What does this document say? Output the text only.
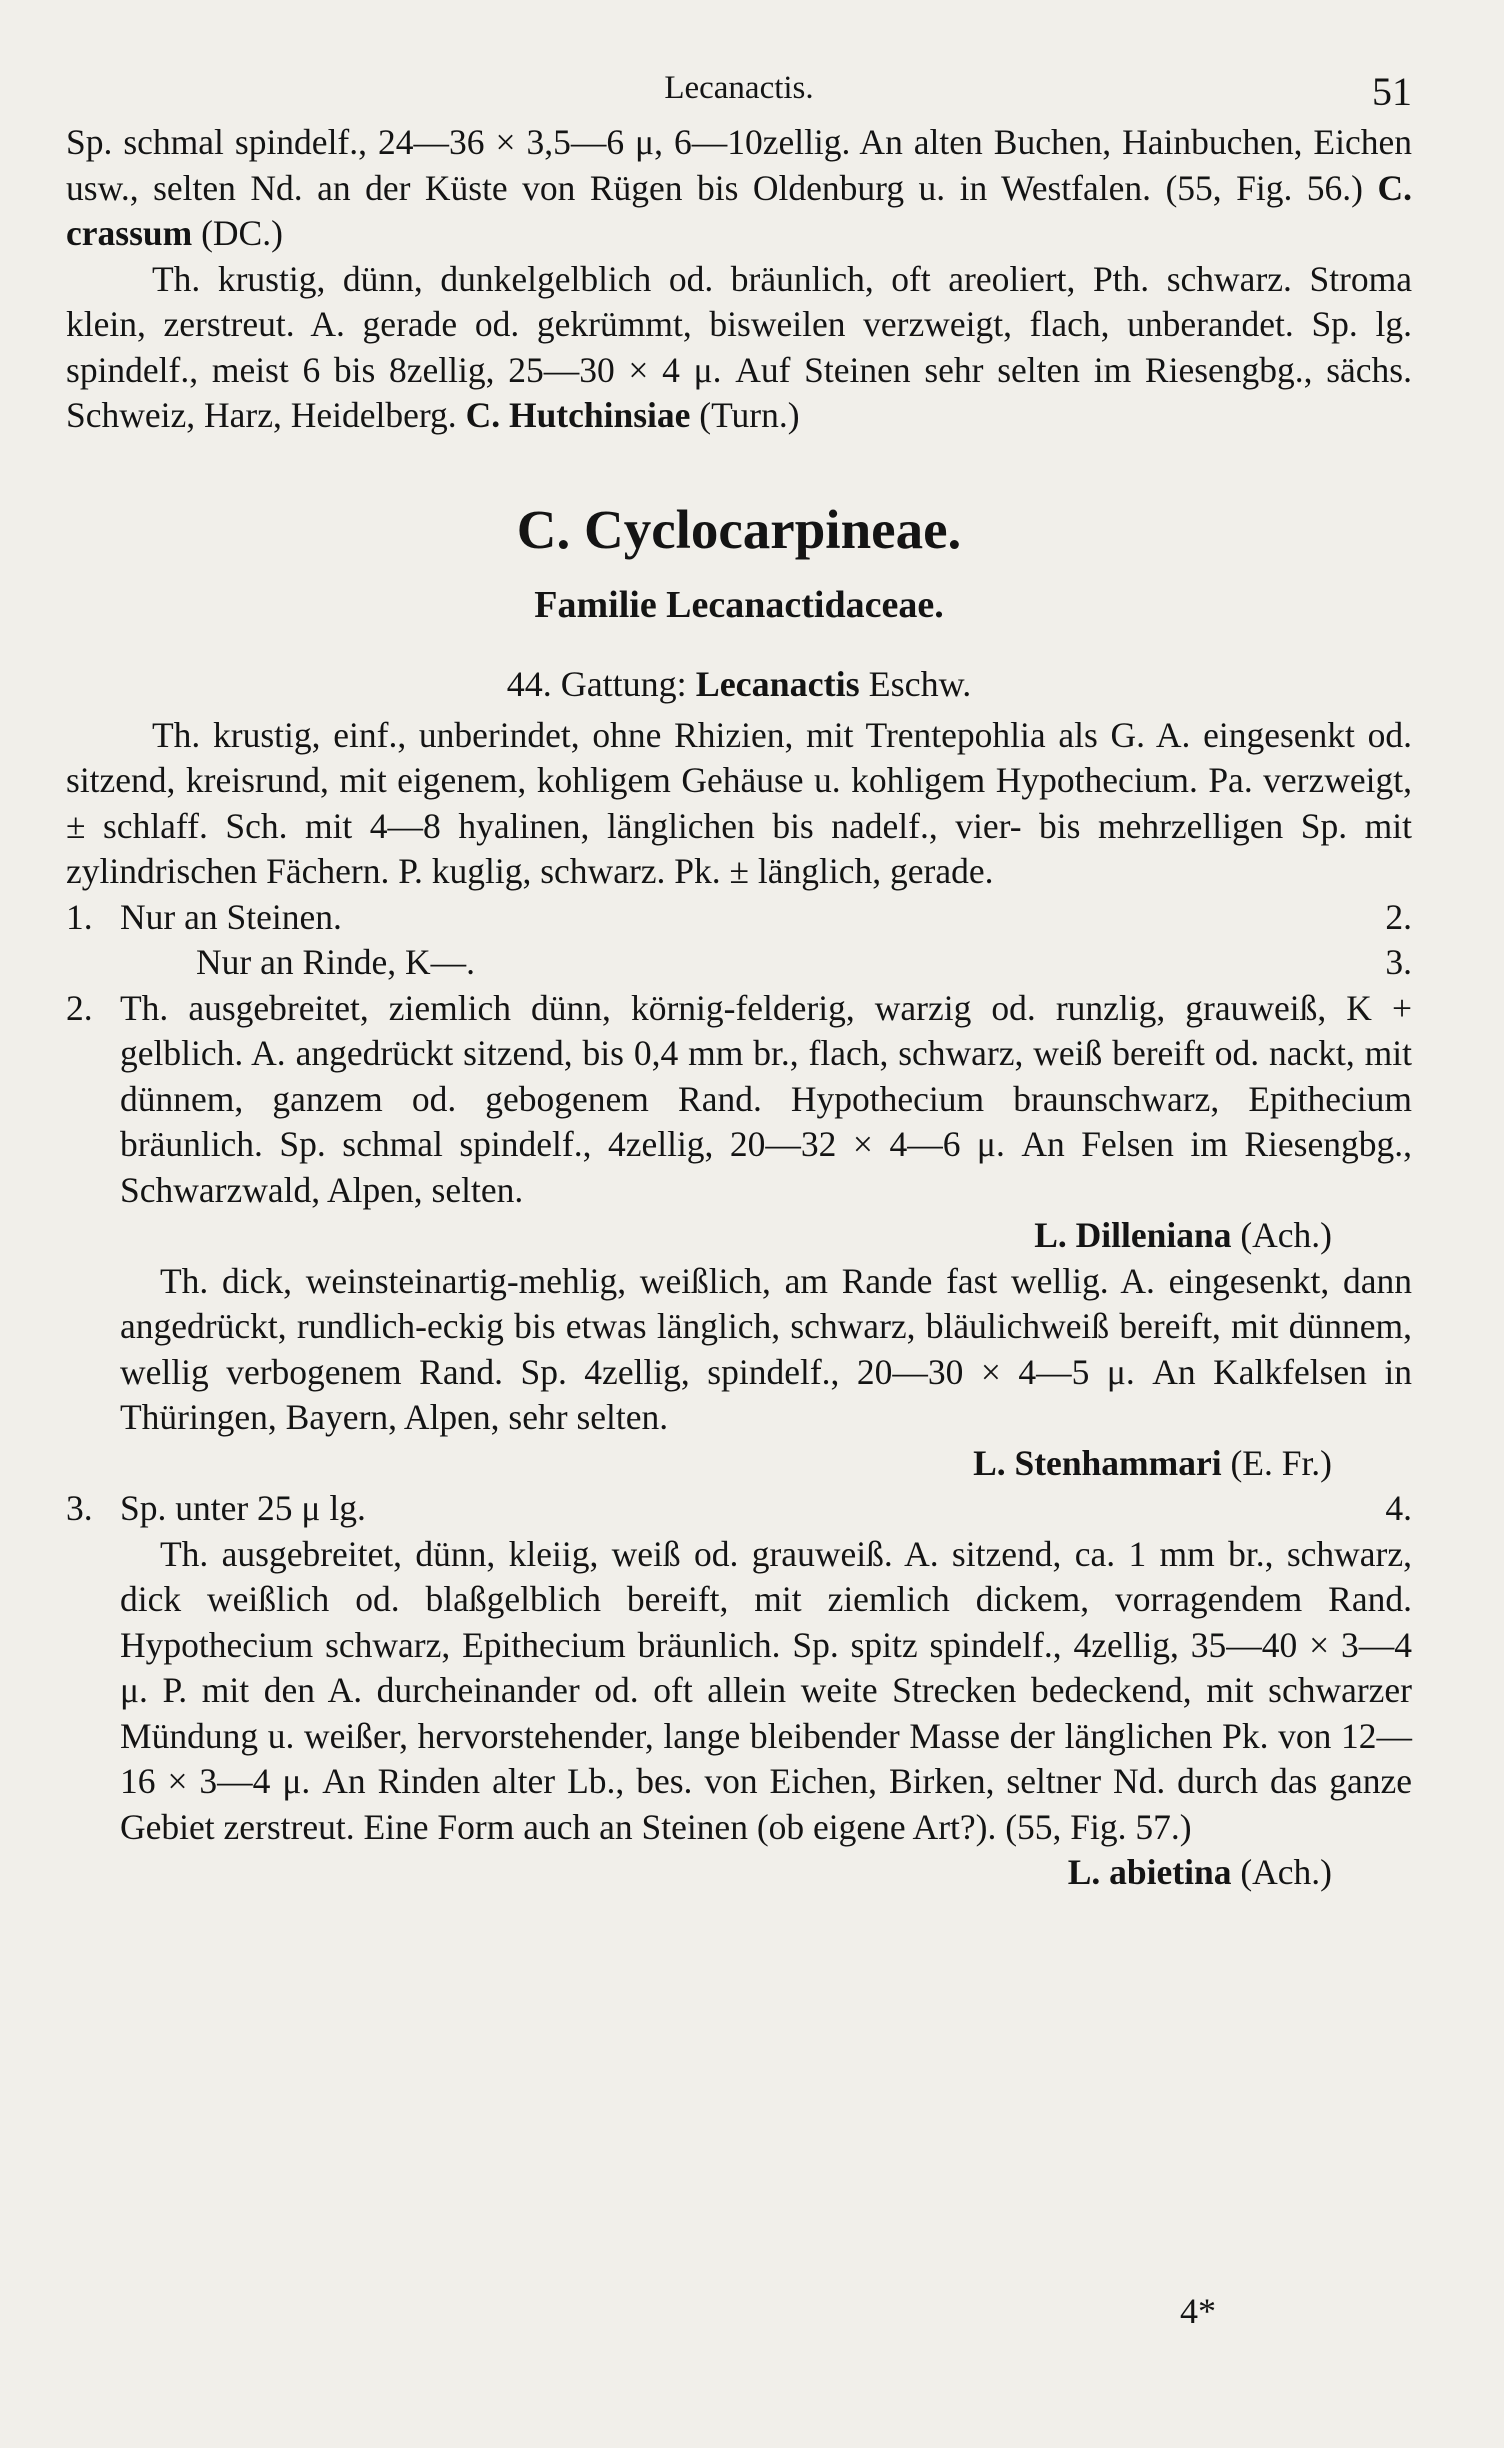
Lecanactis.	51

Sp. schmal spindelf., 24—36 × 3,5—6 μ, 6—10zellig. An alten Buchen, Hainbuchen, Eichen usw., selten Nd. an der Küste von Rügen bis Oldenburg u. in Westfalen. (55, Fig. 56.) C. crassum (DC.)

Th. krustig, dünn, dunkelgelblich od. bräunlich, oft areoliert, Pth. schwarz. Stroma klein, zerstreut. A. gerade od. gekrümmt, bisweilen verzweigt, flach, unberandet. Sp. lg. spindelf., meist 6 bis 8zellig, 25—30 × 4 μ. Auf Steinen sehr selten im Riesengbg., sächs. Schweiz, Harz, Heidelberg. C. Hutchinsiae (Turn.)

C. Cyclocarpineae.
Familie Lecanactidaceae.
44. Gattung: Lecanactis Eschw.

Th. krustig, einf., unberindet, ohne Rhizien, mit Trentepohlia als G. A. eingesenkt od. sitzend, kreisrund, mit eigenem, kohligem Gehäuse u. kohligem Hypothecium. Pa. verzweigt, ± schlaff. Sch. mit 4—8 hyalinen, länglichen bis nadelf., vier- bis mehrzelligen Sp. mit zylindrischen Fächern. P. kuglig, schwarz. Pk. ± länglich, gerade.

1. Nur an Steinen.	2.
Nur an Rinde, K—.	3.
2. Th. ausgebreitet, ziemlich dünn, körnig-felderig, warzig od. runzlig, grauweiß, K + gelblich. A. angedrückt sitzend, bis 0,4 mm br., flach, schwarz, weiß bereift od. nackt, mit dünnem, ganzem od. gebogenem Rand. Hypothecium braunschwarz, Epithecium bräunlich. Sp. schmal spindelf., 4zellig, 20—32 × 4—6 μ. An Felsen im Riesengbg., Schwarzwald, Alpen, selten.

L. Dilleniana (Ach.)

Th. dick, weinsteinartig-mehlig, weißlich, am Rande fast wellig. A. eingesenkt, dann angedrückt, rundlich-eckig bis etwas länglich, schwarz, bläulichweiß bereift, mit dünnem, wellig verbogenem Rand. Sp. 4zellig, spindelf., 20—30 × 4—5 μ. An Kalkfelsen in Thüringen, Bayern, Alpen, sehr selten.

L. Stenhammari (E. Fr.)

3. Sp. unter 25 μ lg.	4.

Th. ausgebreitet, dünn, kleiig, weiß od. grauweiß. A. sitzend, ca. 1 mm br., schwarz, dick weißlich od. blaßgelblich bereift, mit ziemlich dickem, vorragendem Rand. Hypothecium schwarz, Epithecium bräunlich. Sp. spitz spindelf., 4zellig, 35—40 × 3—4 μ. P. mit den A. durcheinander od. oft allein weite Strecken bedeckend, mit schwarzer Mündung u. weißer, hervorstehender, lange bleibender Masse der länglichen Pk. von 12—16 × 3—4 μ. An Rinden alter Lb., bes. von Eichen, Birken, seltner Nd. durch das ganze Gebiet zerstreut. Eine Form auch an Steinen (ob eigene Art?). (55, Fig. 57.)

L. abietina (Ach.)

4*
